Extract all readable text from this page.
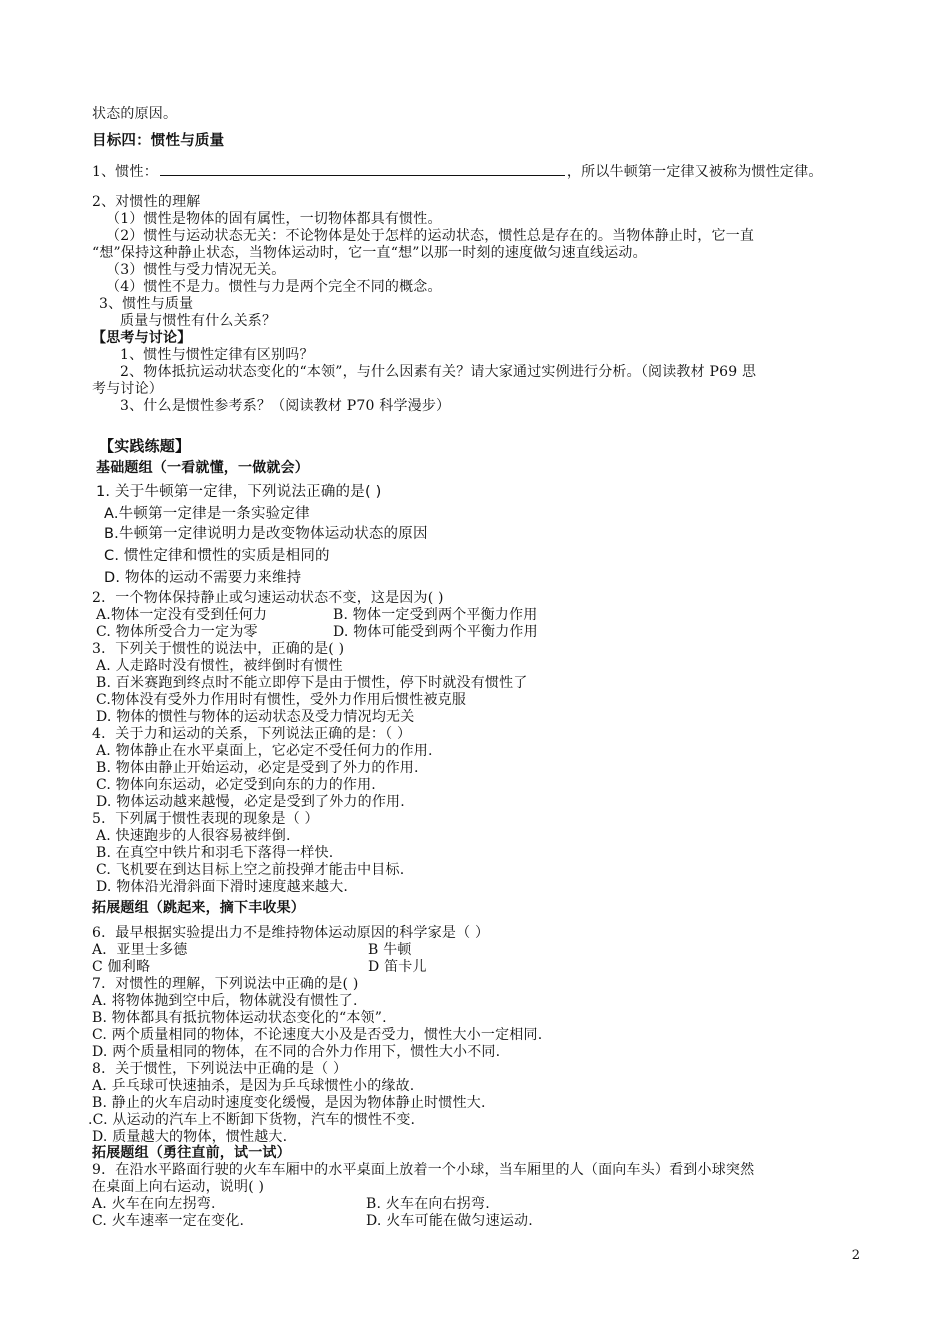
状态的原因。
目标四：惯性与质量
1、惯性：	，所以牛顿第一定律又被称为惯性定律。
2、对惯性的理解
（1）惯性是物体的固有属性，一切物体都具有惯性。
（2）惯性与运动状态无关：不论物体是处于怎样的运动状态，惯性总是存在的。当物体静止时，它一直
“想”保持这种静止状态，当物体运动时，它一直“想”以那一时刻的速度做匀速直线运动。
（3）惯性与受力情况无关。
（4）惯性不是力。惯性与力是两个完全不同的概念。
3、惯性与质量
质量与惯性有什么关系？
【思考与讨论】
1、惯性与惯性定律有区别吗？
2、物体抵抗运动状态变化的“本领”，与什么因素有关？请大家通过实例进行分析。（阅读教材 P69 思
考与讨论）
3、什么是惯性参考系？（阅读教材 P70 科学漫步）
【实践练题】
基础题组（一看就懂，一做就会）
1. 关于牛顿第一定律，下列说法正确的是( )
A.牛顿第一定律是一条实验定律
B.牛顿第一定律说明力是改变物体运动状态的原因
C. 惯性定律和惯性的实质是相同的
D. 物体的运动不需要力来维持
2．一个物体保持静止或匀速运动状态不变，这是因为( )
A.物体一定没有受到任何力	B. 物体一定受到两个平衡力作用
C. 物体所受合力一定为零	D. 物体可能受到两个平衡力作用
3．下列关于惯性的说法中，正确的是( )
A. 人走路时没有惯性，被绊倒时有惯性
B. 百米赛跑到终点时不能立即停下是由于惯性，停下时就没有惯性了
C.物体没有受外力作用时有惯性，受外力作用后惯性被克服
D. 物体的惯性与物体的运动状态及受力情况均无关
4．关于力和运动的关系，下列说法正确的是：（ ）
A. 物体静止在水平桌面上，它必定不受任何力的作用.
B. 物体由静止开始运动，必定是受到了外力的作用.
C. 物体向东运动，必定受到向东的力的作用.
D. 物体运动越来越慢，必定是受到了外力的作用.
5．下列属于惯性表现的现象是（ ）
A. 快速跑步的人很容易被绊倒.
B. 在真空中铁片和羽毛下落得一样快.
C. 飞机要在到达目标上空之前投弹才能击中目标.
D. 物体沿光滑斜面下滑时速度越来越大.
拓展题组（跳起来，摘下丰收果）
6．最早根据实验提出力不是维持物体运动原因的科学家是（ ）
A．亚里士多德	B 牛顿
C 伽利略	D 笛卡儿
7．对惯性的理解，下列说法中正确的是( )
A. 将物体抛到空中后，物体就没有惯性了.
B. 物体都具有抵抗物体运动状态变化的“本领”.
C. 两个质量相同的物体，不论速度大小及是否受力，惯性大小一定相同.
D. 两个质量相同的物体，在不同的合外力作用下，惯性大小不同.
8．关于惯性，下列说法中正确的是（ ）
A. 乒乓球可快速抽杀，是因为乒乓球惯性小的缘故.
B. 静止的火车启动时速度变化缓慢，是因为物体静止时惯性大.
.C. 从运动的汽车上不断卸下货物，汽车的惯性不变.
D. 质量越大的物体，惯性越大.
拓展题组（勇往直前，试一试）
9．在沿水平路面行驶的火车车厢中的水平桌面上放着一个小球，当车厢里的人（面向车头）看到小球突然
在桌面上向右运动，说明( )
A. 火车在向左拐弯.	B. 火车在向右拐弯.
C. 火车速率一定在变化.	D. 火车可能在做匀速运动.
2
